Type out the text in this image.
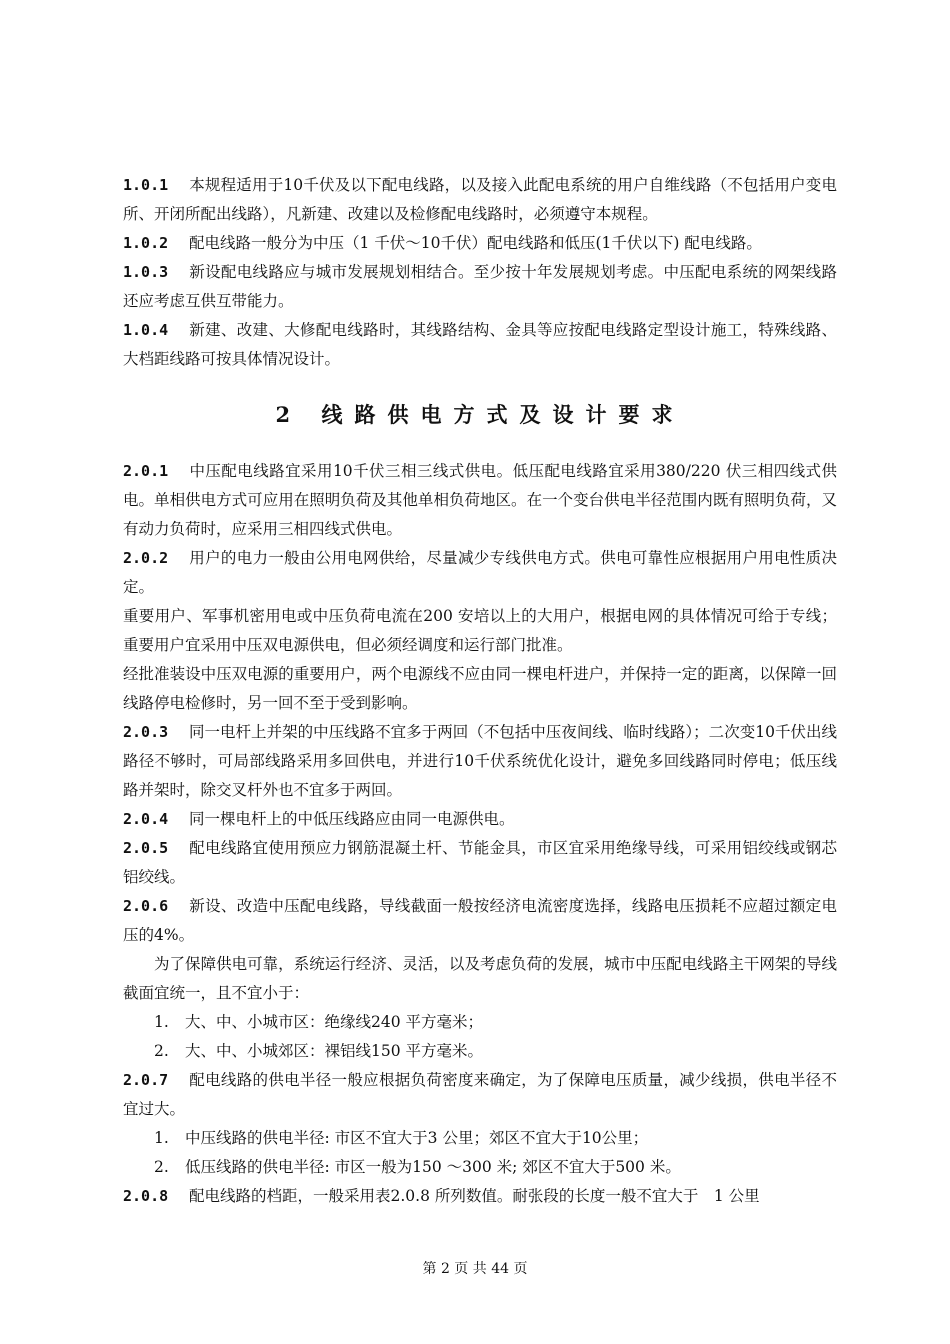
1.0.1 本规程适用于10千伏及以下配电线路，以及接入此配电系统的用户自维线路（不包括用户变电所、开闭所配出线路），凡新建、改建以及检修配电线路时，必须遵守本规程。

1.0.2 配电线路一般分为中压（1 千伏～10千伏）配电线路和低压(1千伏以下) 配电线路。

1.0.3 新设配电线路应与城市发展规划相结合。至少按十年发展规划考虑。中压配电系统的网架线路还应考虑互供互带能力。

1.0.4 新建、改建、大修配电线路时，其线路结构、金具等应按配电线路定型设计施工，特殊线路、大档距线路可按具体情况设计。

2 线路供电方式及设计要求

2.0.1 中压配电线路宜采用10千伏三相三线式供电。低压配电线路宜采用380/220 伏三相四线式供电。单相供电方式可应用在照明负荷及其他单相负荷地区。在一个变台供电半径范围内既有照明负荷，又有动力负荷时，应采用三相四线式供电。

2.0.2 用户的电力一般由公用电网供给，尽量减少专线供电方式。供电可靠性应根据用户用电性质决定。

重要用户、军事机密用电或中压负荷电流在200 安培以上的大用户，根据电网的具体情况可给于专线；重要用户宜采用中压双电源供电，但必须经调度和运行部门批准。

经批准装设中压双电源的重要用户，两个电源线不应由同一棵电杆进户，并保持一定的距离，以保障一回线路停电检修时，另一回不至于受到影响。

2.0.3 同一电杆上并架的中压线路不宜多于两回（不包括中压夜间线、临时线路）；二次变10千伏出线路径不够时，可局部线路采用多回供电，并进行10千伏系统优化设计，避免多回线路同时停电；低压线路并架时，除交叉杆外也不宜多于两回。

2.0.4 同一棵电杆上的中低压线路应由同一电源供电。

2.0.5 配电线路宜使用预应力钢筋混凝土杆、节能金具，市区宜采用绝缘导线，可采用铝绞线或钢芯铝绞线。

2.0.6 新设、改造中压配电线路，导线截面一般按经济电流密度选择，线路电压损耗不应超过额定电压的4%。

为了保障供电可靠，系统运行经济、灵活，以及考虑负荷的发展，城市中压配电线路主干网架的导线截面宜统一，且不宜小于：

1. 大、中、小城市区：绝缘线240 平方毫米；

2. 大、中、小城郊区：裸铝线150 平方毫米。

2.0.7 配电线路的供电半径一般应根据负荷密度来确定，为了保障电压质量，减少线损，供电半径不宜过大。

1. 中压线路的供电半径: 市区不宜大于3 公里；郊区不宜大于10公里；

2. 低压线路的供电半径: 市区一般为150 ～300 米; 郊区不宜大于500 米。

2.0.8 配电线路的档距，一般采用表2.0.8 所列数值。耐张段的长度一般不宜大于　1 公里

第 2 页 共 44 页
